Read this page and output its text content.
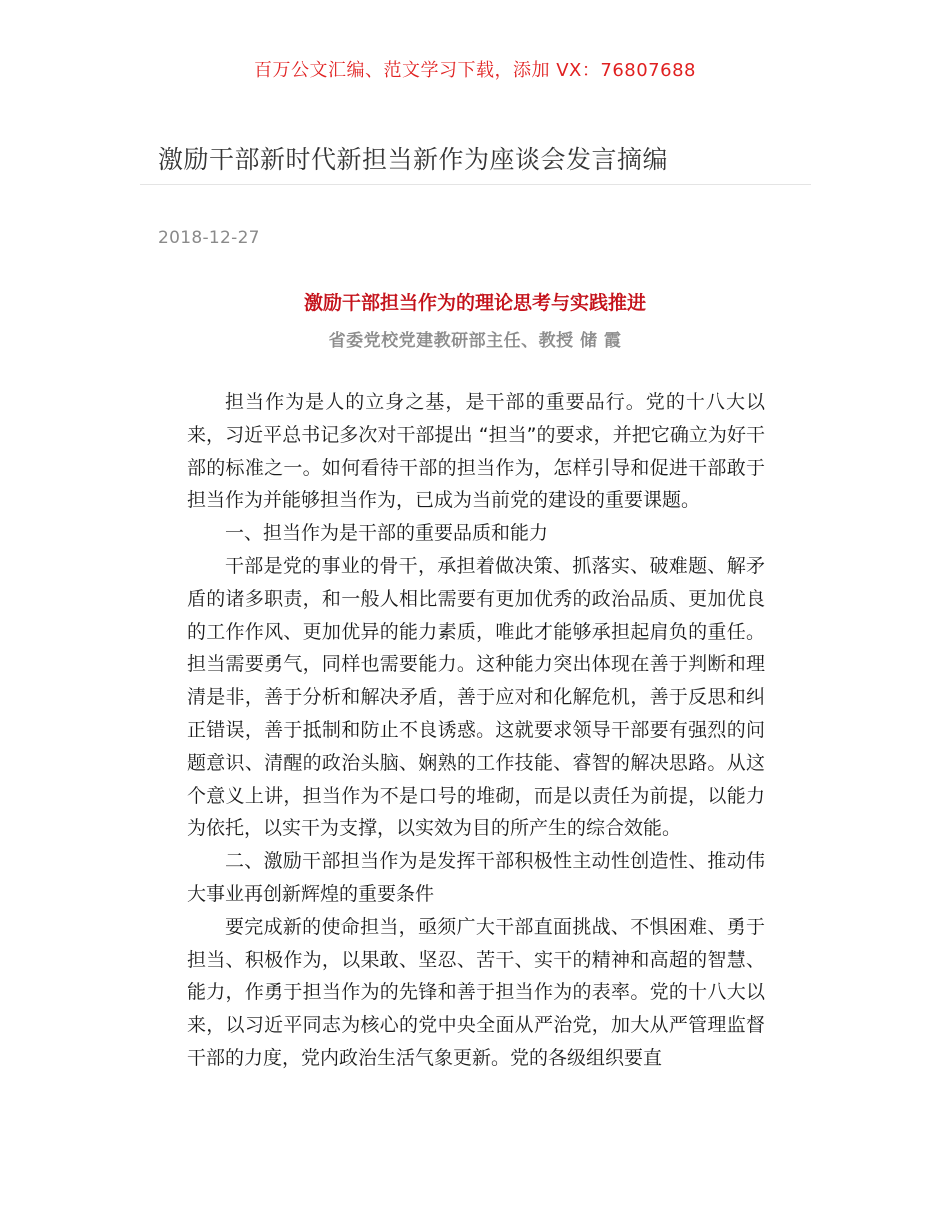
百万公文汇编、范文学习下载，添加 VX：76807688
激励干部新时代新担当新作为座谈会发言摘编
2018-12-27
激励干部担当作为的理论思考与实践推进
省委党校党建教研部主任、教授 储 霞

担当作为是人的立身之基，是干部的重要品行。党的十八大以来，习近平总书记多次对干部提出 “担当”的要求，并把它确立为好干部的标准之一。如何看待干部的担当作为，怎样引导和促进干部敢于担当作为并能够担当作为，已成为当前党的建设的重要课题。

一、担当作为是干部的重要品质和能力

干部是党的事业的骨干，承担着做决策、抓落实、破难题、解矛盾的诸多职责，和一般人相比需要有更加优秀的政治品质、更加优良的工作作风、更加优异的能力素质，唯此才能够承担起肩负的重任。担当需要勇气，同样也需要能力。这种能力突出体现在善于判断和理清是非，善于分析和解决矛盾，善于应对和化解危机，善于反思和纠正错误，善于抵制和防止不良诱惑。这就要求领导干部要有强烈的问题意识、清醒的政治头脑、娴熟的工作技能、睿智的解决思路。从这个意义上讲，担当作为不是口号的堆砌，而是以责任为前提，以能力为依托，以实干为支撑，以实效为目的所产生的综合效能。

二、激励干部担当作为是发挥干部积极性主动性创造性、推动伟大事业再创新辉煌的重要条件

要完成新的使命担当，亟须广大干部直面挑战、不惧困难、勇于担当、积极作为，以果敢、坚忍、苦干、实干的精神和高超的智慧、能力，作勇于担当作为的先锋和善于担当作为的表率。党的十八大以来，以习近平同志为核心的党中央全面从严治党，加大从严管理监督干部的力度，党内政治生活气象更新。党的各级组织要直
